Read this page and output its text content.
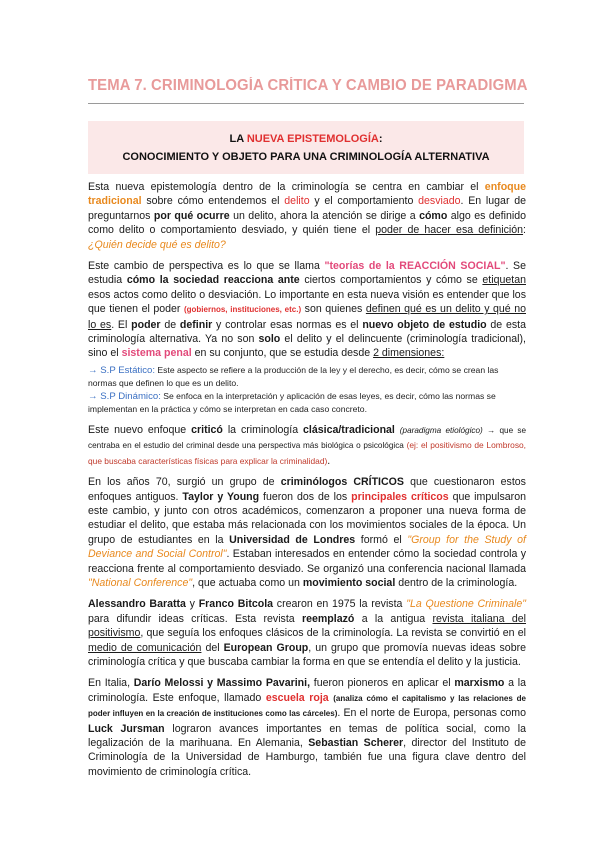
TEMA 7. CRIMINOLOGÍA CRÍTICA Y CAMBIO DE PARADIGMA
LA NUEVA EPISTEMOLOGÍA:
CONOCIMIENTO Y OBJETO PARA UNA CRIMINOLOGÍA ALTERNATIVA

Esta nueva epistemología dentro de la criminología se centra en cambiar el enfoque tradicional sobre cómo entendemos el delito y el comportamiento desviado. En lugar de preguntarnos por qué ocurre un delito, ahora la atención se dirige a cómo algo es definido como delito o comportamiento desviado, y quién tiene el poder de hacer esa definición: ¿Quién decide qué es delito?

Este cambio de perspectiva es lo que se llama "teorías de la REACCIÓN SOCIAL". Se estudia cómo la sociedad reacciona ante ciertos comportamientos y cómo se etiquetan esos actos como delito o desviación. Lo importante en esta nueva visión es entender que los que tienen el poder (gobiernos, instituciones, etc.) son quienes definen qué es un delito y qué no lo es. El poder de definir y controlar esas normas es el nuevo objeto de estudio de esta criminología alternativa. Ya no son solo el delito y el delincuente (criminología tradicional), sino el sistema penal en su conjunto, que se estudia desde 2 dimensiones:

→ S.P Estático: Este aspecto se refiere a la producción de la ley y el derecho, es decir, cómo se crean las normas que definen lo que es un delito.
→ S.P Dinámico: Se enfoca en la interpretación y aplicación de esas leyes, es decir, cómo las normas se implementan en la práctica y cómo se interpretan en cada caso concreto.

Este nuevo enfoque criticó la criminología clásica/tradicional (paradigma etiológico) → que se centraba en el estudio del criminal desde una perspectiva más biológica o psicológica (ej: el positivismo de Lombroso, que buscaba características físicas para explicar la criminalidad).

En los años 70, surgió un grupo de criminólogos CRÍTICOS que cuestionaron estos enfoques antiguos. Taylor y Young fueron dos de los principales críticos que impulsaron este cambio, y junto con otros académicos, comenzaron a proponer una nueva forma de estudiar el delito, que estaba más relacionada con los movimientos sociales de la época. Un grupo de estudiantes en la Universidad de Londres formó el "Group for the Study of Deviance and Social Control". Estaban interesados en entender cómo la sociedad controla y reacciona frente al comportamiento desviado. Se organizó una conferencia nacional llamada "National Conference", que actuaba como un movimiento social dentro de la criminología.

Alessandro Baratta y Franco Bitcola crearon en 1975 la revista "La Questione Criminale" para difundir ideas críticas. Esta revista reemplazó a la antigua revista italiana del positivismo, que seguía los enfoques clásicos de la criminología. La revista se convirtió en el medio de comunicación del European Group, un grupo que promovía nuevas ideas sobre criminología crítica y que buscaba cambiar la forma en que se entendía el delito y la justicia.

En Italia, Darío Melossi y Massimo Pavarini, fueron pioneros en aplicar el marxismo a la criminología. Este enfoque, llamado escuela roja (analiza cómo el capitalismo y las relaciones de poder influyen en la creación de instituciones como las cárceles). En el norte de Europa, personas como Luck Jursman lograron avances importantes en temas de política social, como la legalización de la marihuana. En Alemania, Sebastian Scherer, director del Instituto de Criminología de la Universidad de Hamburgo, también fue una figura clave dentro del movimiento de criminología crítica.
